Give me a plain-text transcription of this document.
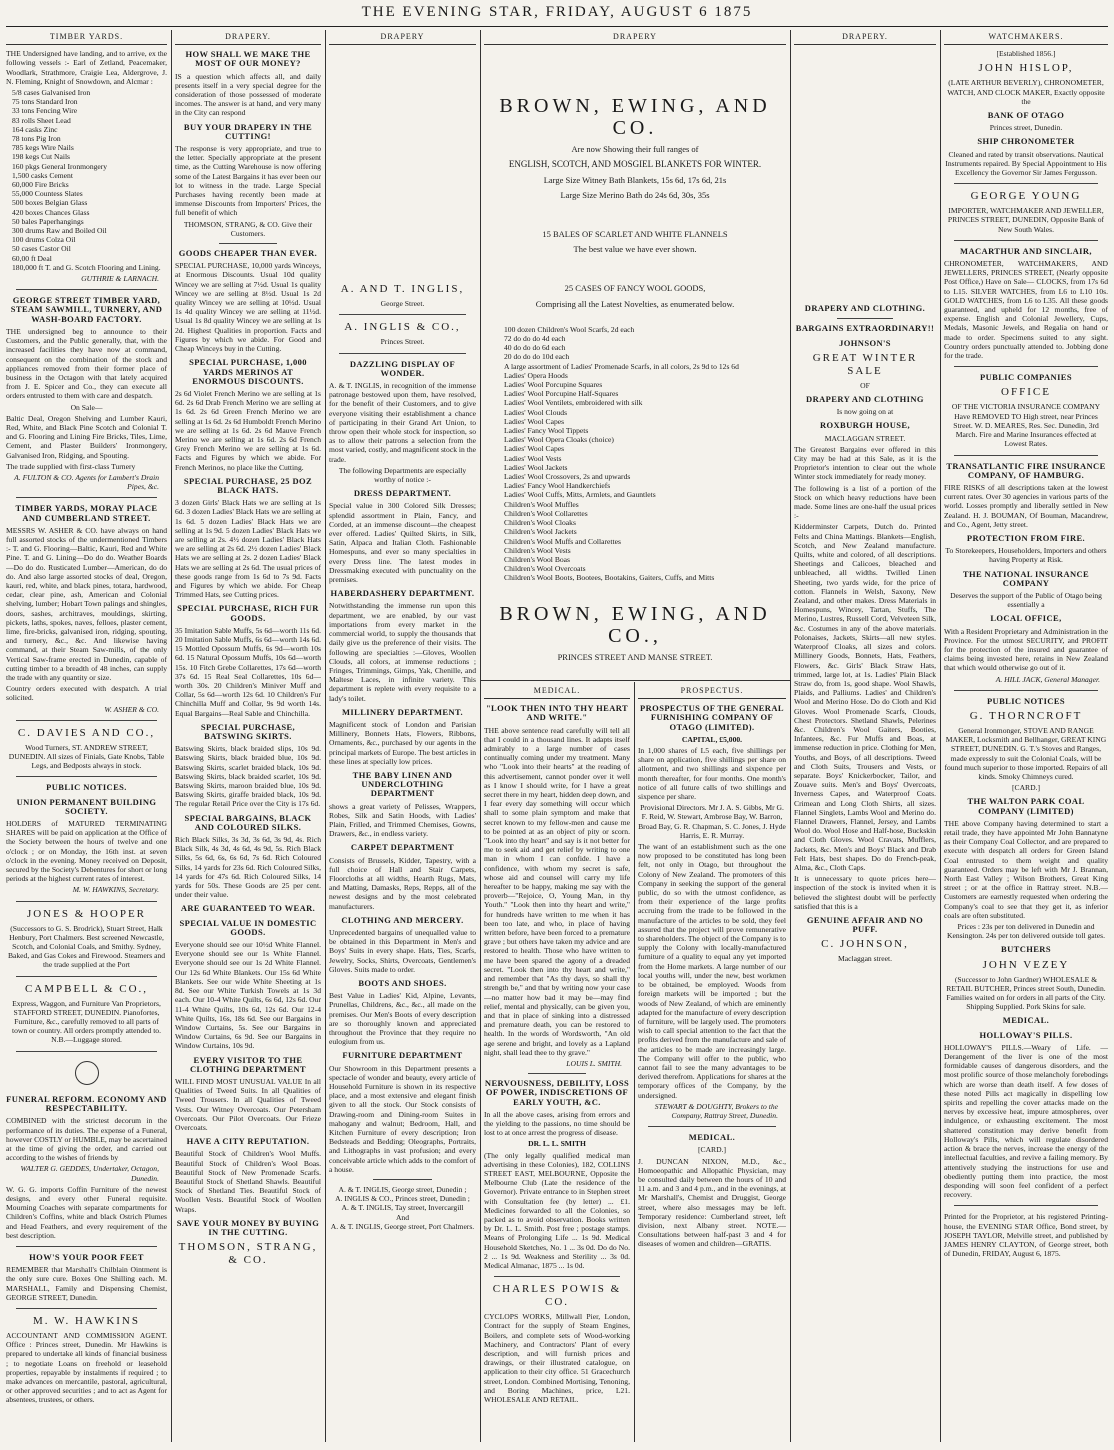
THE EVENING STAR, FRIDAY, AUGUST 6 1875
TIMBER YARDS.

THE Undersigned have landing, and to arrive, ex the following vessels :- Earl of Zetland, Peacemaker, Woodlark, Strathmore, Craigie Lea, Aldergrove, J. N. Fleming, Knight of Snowdown, and Alcmar :

5/8 cases Galvanised Iron
75 tons Standard Iron
33 tons Fencing Wire
83 rolls Sheet Lead
164 casks Zinc
78 tons Pig Iron
785 kegs Wire Nails
198 kegs Cut Nails
160 pkgs General Ironmongery
1,500 casks Cement
60,000 Fire Bricks
55,000 Countess Slates
500 boxes Belgian Glass
420 boxes Chances Glass
50 bales Paperhangings
300 drums Raw and Boiled Oil
100 drums Colza Oil
50 cases Castor Oil
60,00 ft Deal
180,000 ft T. and G. Scotch Flooring and Lining.
GUTHRIE & LARNACH.
GEORGE STREET TIMBER YARD, STEAM SAWMILL, TURNERY, AND WASH-BOARD FACTORY.

THE undersigned beg to announce to their Customers, and the Public generally, that, with the increased facilities they have now at command, consequent on the combination of the stock and appliances removed from their former place of business in the Octagon with that lately acquired from J. E. Spicer and Co., they can execute all orders entrusted to them with care and despatch.

On Sale—

Baltic Deal, Oregon Shelving and Lumber Kauri, Red, White, and Black Pine Scotch and Colonial T. and G. Flooring and Lining Fire Bricks, Tiles, Lime, Cement, and Plaster Builders' Ironmongery, Galvanised Iron, Ridging, and Spouting.

The trade supplied with first-class Turnery

A. FULTON & CO. Agents for Lambert's Drain Pipes, &c.
TIMBER YARDS, MORAY PLACE AND CUMBERLAND STREET.

MESSRS W. ASHER & CO. have always on hand full assorted stocks of the undermentioned Timbers :- T. and G. Flooring—Baltic, Kauri, Red and White Pine. T. and G. Lining—Do do do. Weather Boards—Do do do. Rusticated Lumber—American, do do do. And also large assorted stocks of deal, Oregon, kauri, red, white, and black pines, totara, hardwood, cedar, clear pine, ash, American and Colonial shelving, lumber; Hobart Town palings and shingles, doors, sashes, architraves, mouldings, skirting, pickets, laths, spokes, naves, felloes, plaster cement, lime, fire-bricks, galvanised iron, ridging, spouting, and turnery, &c., &c. And likewise having command, at their Steam Saw-mills, of the only Vertical Saw-frame erected in Dunedin, capable of cutting timber to a breadth of 48 inches, can supply the trade with any quantity or size.

Country orders executed with despatch. A trial solicited.

W. ASHER & CO.
C. DAVIES AND CO.,

Wood Turners, ST. ANDREW STREET, DUNEDIN. All sizes of Finials, Gate Knobs, Table Legs, and Bedposts always in stock.

PUBLIC NOTICES.
UNION PERMANENT BUILDING SOCIETY.

HOLDERS of MATURED TERMINATING SHARES will be paid on application at the Office of the Society between the hours of twelve and one o'clock ; or on Monday, the 16th inst. at seven o'clock in the evening. Money received on Deposit, secured by the Society's Debentures for short or long periods at the highest current rates of interest.

M. W. HAWKINS, Secretary.
JONES & HOOPER

(Successors to G. S. Brodrick), Stuart Street, Halk Henbury, Port Chalmers. Best screened Newcastle, Scotch, and Colonial Coals, and Smithy. Sydney, Baked, and Gas Cokes and Firewood. Steamers and the trade supplied at the Port

CAMPBELL & CO.,

Express, Waggon, and Furniture Van Proprietors, STAFFORD STREET, DUNEDIN. Pianofortes, Furniture, &c., carefully removed to all parts of town or country. All orders promptly attended to. N.B.—Luggage stored.

FUNERAL REFORM. ECONOMY AND RESPECTABILITY.

COMBINED with the strictest decorum in the performance of its duties. The expense of a Funeral, however COSTLY or HUMBLE, may be ascertained at the time of giving the order, and carried out according to the wishes of friends by

WALTER G. GEDDES, Undertaker, Octagon, Dunedin.

W. G. G. imports Coffin Furniture of the newest designs, and every other Funeral requisite. Mourning Coaches with separate compartments for Children's Coffins, white and black Ostrich Plumes and Head Feathers, and every requirement of the best description.

HOW'S YOUR POOR FEET

REMEMBER that Marshall's Chilblain Ointment is the only sure cure. Boxes One Shilling each. M. MARSHALL, Family and Dispensing Chemist, GEORGE STREET, Dunedin.

M. W. HAWKINS

ACCOUNTANT AND COMMISSION AGENT. Office : Princes street, Dunedin. Mr Hawkins is prepared to undertake all kinds of financial business ; to negotiate Loans on freehold or leasehold properties, repayable by instalments if required ; to make advances on mercantile, pastoral, agricultural, or other approved securities ; and to act as Agent for absentees, trustees, or others.

DRAPERY.
HOW SHALL WE MAKE THE MOST OF OUR MONEY?

IS a question which affects all, and daily presents itself in a very special degree for the consideration of those possessed of moderate incomes. The answer is at hand, and very many in the City can respond

BUY YOUR DRAPERY IN THE CUTTING!

The response is very appropriate, and true to the letter. Specially appropriate at the present time, as the Cutting Warehouse is now offering some of the Latest Bargains it has ever been our lot to witness in the trade. Large Special Purchases having recently been made at immense Discounts from Importers' Prices, the full benefit of which

THOMSON, STRANG, & CO. Give their Customers.
GOODS CHEAPER THAN EVER.

SPECIAL PURCHASE, 10,000 yards Winceys, at Enormous Discounts. Usual 10d quality Wincey we are selling at 7½d. Usual 1s quality Wincey we are selling at 8½d. Usual 1s 2d quality Wincey we are selling at 10½d. Usual 1s 4d quality Wincey we are selling at 11½d. Usual 1s 8d quality Wincey we are selling at 1s 2d. Highest Qualities in proportion. Facts and Figures by which we abide. For Good and Cheap Winceys buy in the Cutting.

SPECIAL PURCHASE, 1,000 YARDS MERINOS AT ENORMOUS DISCOUNTS.

2s 6d Violet French Merino we are selling at 1s 6d. 2s 6d Drab French Merino we are selling at 1s 6d. 2s 6d Green French Merino we are selling at 1s 6d. 2s 6d Humboldt French Merino we are selling at 1s 6d. 2s 6d Mauve French Merino we are selling at 1s 6d. 2s 6d French Grey French Merino we are selling at 1s 6d. Facts and Figures by which we abide. For French Merinos, no place like the Cutting.

SPECIAL PURCHASE, 25 DOZ BLACK HATS.

3 dozen Girls' Black Hats we are selling at 1s 6d. 3 dozen Ladies' Black Hats we are selling at 1s 6d. 5 dozen Ladies' Black Hats we are selling at 1s 9d. 5 dozen Ladies' Black Hats we are selling at 2s. 4½ dozen Ladies' Black Hats we are selling at 2s 6d. 2½ dozen Ladies' Black Hats we are selling at 2s. 2 dozen Ladies' Black Hats we are selling at 2s 6d. The usual prices of these goods range from 1s 6d to 7s 9d. Facts and Figures by which we abide. For Cheap Trimmed Hats, see Cutting prices.

SPECIAL PURCHASE, RICH FUR GOODS.

35 Imitation Sable Muffs, 5s 6d—worth 11s 6d. 20 Imitation Sable Muffs, 6s 6d—worth 14s 6d. 15 Mottled Opossum Muffs, 6s 9d—worth 10s 6d. 15 Natural Opossum Muffs, 10s 6d—worth 15s. 10 Fitch Grebe Collarettes, 17s 6d—worth 37s 6d. 15 Real Seal Collarettes, 10s 6d—worth 30s. 20 Children's Miniver Muff and Collar, 5s 6d—worth 12s 6d. 10 Children's Fur Chinchilla Muff and Collar, 9s 9d worth 14s. Equal Bargains—Real Sable and Chinchilla.

SPECIAL PURCHASE, BATSWING SKIRTS.

Batswing Skirts, black braided slips, 10s 9d. Batswing Skirts, black braided blue, 10s 9d. Batswing Skirts, scarlet braided black, 10s 9d. Batswing Skirts, black braided scarlet, 10s 9d. Batswing Skirts, maroon braided blue, 10s 9d. Batswing Skirts, giraffe braided black, 10s 9d. The regular Retail Price over the City is 17s 6d.

SPECIAL BARGAINS, BLACK AND COLOURED SILKS.

Rich Black Silks, 3s 3d, 3s 6d, 3s 9d, 4s. Rich Black Silk, 4s 3d, 4s 6d, 4s 9d, 5s. Rich Black Silks, 5s 6d, 6s, 6s 6d, 7s 6d. Rich Coloured Silks, 14 yards for 23s 6d. Rich Coloured Silks, 14 yards for 47s 6d. Rich Coloured Silks, 14 yards for 50s. These Goods are 25 per cent. under their value.

ARE GUARANTEED TO WEAR.
SPECIAL VALUE IN DOMESTIC GOODS.

Everyone should see our 10½d White Flannel. Everyone should see our 1s White Flannel. Everyone should see our 1s 2d White Flannel. Our 12s 6d White Blankets. Our 15s 6d White Blankets. See our wide White Sheeting at 1s 8d. See our White Turkish Towels at 1s 3d each. Our 10-4 White Quilts, 6s 6d, 12s 6d. Our 11-4 White Quilts, 10s 6d, 12s 6d. Our 12-4 White Quilts, 16s, 18s 6d. See our Bargains in Window Curtains, 5s. See our Bargains in Window Curtains, 6s 9d. See our Bargains in Window Curtains, 10s 9d.

EVERY VISITOR TO THE CLOTHING DEPARTMENT

WILL FIND MOST UNUSUAL VALUE In all Qualities of Tweed Suits. In all Qualities of Tweed Trousers. In all Qualities of Tweed Vests. Our Witney Overcoats. Our Petersham Overcoats. Our Pilot Overcoats. Our Frieze Overcoats.

HAVE A CITY REPUTATION.

Beautiful Stock of Children's Wool Muffs. Beautiful Stock of Children's Wool Boas. Beautiful Stock of New Promenade Scarfs. Beautiful Stock of Shetland Shawls. Beautiful Stock of Shetland Ties. Beautiful Stock of Woollen Vests. Beautiful Stock of Woollen Wraps.

SAVE YOUR MONEY BY BUYING IN THE CUTTING.
THOMSON, STRANG, & CO.
DRAPERY
A. AND T. INGLIS,
George Street.
A. INGLIS & CO.,
Princes Street.
DAZZLING DISPLAY OF WONDER.

A. & T. INGLIS, in recognition of the immense patronage bestowed upon them, have resolved, for the benefit of their Customers, and to give everyone visiting their establishment a chance of participating in their Grand Art Union, to throw open their whole stock for inspection, so as to allow their patrons a selection from the most varied, costly, and magnificent stock in the trade.

The following Departments are especially worthy of notice :-

DRESS DEPARTMENT.

Special value in 300 Colored Silk Dresses; splendid assortment in Plain, Fancy, and Corded, at an immense discount—the cheapest ever offered. Ladies' Quilted Skirts, in Silk, Satin, Alpaca and Italian Cloth. Fashionable Homespuns, and ever so many specialties in every Dress line. The latest modes in Dressmaking executed with punctuality on the premises.

HABERDASHERY DEPARTMENT.

Notwithstanding the immense run upon this department, we are enabled, by our vast importations from every market in the commercial world, to supply the thousands that daily give us the preference of their visits. The following are specialties :—Gloves, Woollen Clouds, all colors, at immense reductions ; Fringes, Trimmings, Gimps, Yak, Chenille, and Maltese Laces, in infinite variety. This department is replete with every requisite to a lady's toilet.

MILLINERY DEPARTMENT.

Magnificent stock of London and Parisian Millinery, Bonnets Hats, Flowers, Ribbons, Ornaments, &c., purchased by our agents in the principal markets of Europe. The best articles in these lines at specially low prices.

THE BABY LINEN AND UNDERCLOTHING DEPARTMENT

shows a great variety of Pelisses, Wrappers, Robes, Silk and Satin Hoods, with Ladies' Plain, Frilled, and Trimmed Chemises, Gowns, Drawers, &c., in endless variety.

CARPET DEPARTMENT

Consists of Brussels, Kidder, Tapestry, with a full choice of Hall and Stair Carpets, Floorcloths at all widths, Hearth Rugs, Mats, and Matting, Damasks, Reps, Repps, all of the newest designs and by the most celebrated manufacturers.

CLOTHING AND MERCERY.

Unprecedented bargains of unequalled value to be obtained in this Department in Men's and Boys' Suits in every shape. Hats, Ties, Scarfs, Jewelry, Socks, Shirts, Overcoats, Gentlemen's Gloves. Suits made to order.

BOOTS AND SHOES.

Best Value in Ladies' Kid, Alpine, Levants, Prunellas, Childrens, &c., &c., all made on the premises. Our Men's Boots of every description are so thoroughly known and appreciated throughout the Province that they require no eulogium from us.

FURNITURE DEPARTMENT

Our Showroom in this Department presents a spectacle of wonder and beauty, every article of Household Furniture is shown in its respective place, and a most extensive and elegant finish given to all the stock. Our Stock consists of Drawing-room and Dining-room Suites in mahogany and walnut; Bedroom, Hall, and Kitchen Furniture of every description; Iron Bedsteads and Bedding; Oleographs, Portraits, and Lithographs in vast profusion; and every conceivable article which adds to the comfort of a house.

A. & T. INGLIS, George street, Dunedin ;
A. INGLIS & CO., Princes street, Dunedin ;
A. & T. INGLIS, Tay street, Invercargill
And
A. & T. INGLIS, George street, Port Chalmers.
DRAPERY
BROWN, EWING, AND CO.
Are now Showing their full ranges of
ENGLISH, SCOTCH, AND MOSGIEL BLANKETS FOR WINTER.
Large Size Witney Bath Blankets, 15s 6d, 17s 6d, 21s
Large Size Merino Bath do 24s 6d, 30s, 35s
15 BALES OF SCARLET AND WHITE FLANNELS
The best value we have ever shown.
25 CASES OF FANCY WOOL GOODS,
Comprising all the Latest Novelties, as enumerated below.
100 dozen Children's Wool Scarfs, 2d each
72 do do do 4d each
40 do do do 6d each
20 do do do 10d each
A large assortment of Ladies' Promenade Scarfs, in all colors, 2s 9d to 12s 6d
Ladies' Opera Hoods
Ladies' Wool Porcupine Squares
Ladies' Wool Porcupine Half-Squares
Ladies' Wool Ventilets, embroidered with silk
Ladies' Wool Clouds
Ladies' Wool Capes
Ladies' Fancy Wool Tippets
Ladies' Wool Opera Cloaks (choice)
Ladies' Wool Capes
Ladies' Wool Vests
Ladies' Wool Jackets
Ladies' Wool Crossovers, 2s and upwards
Ladies' Fancy Wool Handkerchiefs
Ladies' Wool Cuffs, Mitts, Armlets, and Gauntlets
Children's Wool Muffles
Children's Wool Collarettes
Children's Wool Cloaks
Children's Wool Jackets
Children's Wool Muffs and Collarettes
Children's Wool Vests
Children's Wool Boas
Children's Wool Overcoats
Children's Wool Boots, Bootees, Bootakins, Gaiters, Cuffs, and Mitts
BROWN, EWING, AND CO.,
PRINCES STREET AND MANSE STREET.
MEDICAL.
"LOOK THEN INTO THY HEART AND WRITE."

THE above sentence read carefully will tell all that I could in a thousand lines. It adapts itself admirably to a large number of cases continually coming under my treatment. Many who "Look into their hearts" at the reading of this advertisement, cannot ponder over it well as I know I should write, for I have a great secret there in my heart, hidden deep down, and I fear every day something will occur which shall to some plain symptom and make that secret known to my fellow-men and cause me to be pointed at as an object of pity or scorn. "Look into thy heart" and say is it not better for me to seek aid and get relief by writing to one man in whom I can confide. I have a confidence, with whom my secret is safe, whose aid and counsel will carry my life hereafter to be happy, making me say with the proverb—"Rejoice, O, Young Man, in thy Youth." "Look then into thy heart and write," for hundreds have written to me when it has been too late, and who, in place of having written before, have been forced to a premature grave ; but others have taken my advice and are restored to health. Those who have written to me have been spared the agony of a dreaded secret. "Look then into thy heart and write," and remember that "As thy days, so shall thy strength be," and that by writing now your case—no matter how bad it may be—may find relief, mental and physically, can be given you, and that in place of sinking into a distressed and premature death, you can be restored to health. In the words of Wordsworth, "An old age serene and bright, and lovely as a Lapland night, shall lead thee to thy grave."

LOUIS L. SMITH.
NERVOUSNESS, DEBILITY, LOSS OF POWER, INDISCRETIONS OF EARLY YOUTH, &C.

In all the above cases, arising from errors and the yielding to the passions, no time should be lost to at once arrest the progress of disease.

DR. L. L. SMITH

(The only legally qualified medical man advertising in these Colonies), 182, COLLINS STREET EAST, MELBOURNE, Opposite the Melbourne Club (Late the residence of the Governor). Private entrance to in Stephen street with Consultation fee (by letter) ... £1. Medicines forwarded to all the Colonies, so packed as to avoid observation. Books written by Dr. L. L. Smith. Post free ; postage stamps. Means of Prolonging Life ... 1s 9d. Medical Household Sketches, No. 1 ... 3s 0d. Do do No. 2 ... 1s 9d. Weakness and Sterility ... 3s 0d. Medical Almanac, 1875 ... 1s 0d.

CHARLES POWIS & CO.

CYCLOPS WORKS, Millwall Pier, London, Contract for the supply of Steam Engines, Boilers, and complete sets of Wood-working Machinery, and Contractors' Plant of every description, and will furnish prices and drawings, or their illustrated catalogue, on application to their city office. 51 Gracechurch street, London. Combined Mortising, Tenoning, and Boring Machines, price, L21. WHOLESALE AND RETAIL.

PROSPECTUS.
PROSPECTUS OF THE GENERAL FURNISHING COMPANY OF OTAGO (LIMITED).
CAPITAL, £5,000.

In 1,000 shares of L5 each, five shillings per share on application, five shillings per share on allotment, and two shillings and sixpence per month thereafter, for four months. One month's notice of all future calls of two shillings and sixpence per share.

Provisional Directors. Mr J. A. S. Gibbs, Mr G. F. Reid, W. Stewart, Ambrose Bay, W. Barron, Broad Bay, G. R. Chapman, S. C. Jones, J. Hyde Harris, E. R. Murray.

The want of an establishment such as the one now proposed to be constituted has long been felt, not only in Otago, but throughout the Colony of New Zealand. The promoters of this Company in seeking the support of the general public, do so with the utmost confidence, as from their experience of the large profits accruing from the trade to be followed in the manufacture of the articles to be sold, they feel assured that the project will prove remunerative to shareholders. The object of the Company is to supply the Colony with locally-manufactured furniture of a quality to equal any yet imported from the Home markets. A large number of our local youths will, under the new, best workmen to be obtained, be employed. Woods from foreign markets will be imported ; but the woods of New Zealand, of which are eminently adapted for the manufacture of every description of furniture, will be largely used. The promoters wish to call special attention to the fact that the profits derived from the manufacture and sale of the articles to be made are increasingly large. The Company will offer to the public, who cannot fail to see the many advantages to be derived therefrom. Applications for shares at the temporary offices of the Company, by the undersigned.

STEWART & DOUGHTY, Brokers to the Company, Rattray Street, Dunedin.
MEDICAL.
[CARD.]

J. DUNCAN NIXON, M.D., &c., Homoeopathic and Allopathic Physician, may be consulted daily between the hours of 10 and 11 a.m. and 3 and 4 p.m., and in the evenings, at Mr Marshall's, Chemist and Druggist, George street, where also messages may be left. Temporary residence: Cumberland street, left division, next Albany street. NOTE.—Consultations between half-past 3 and 4 for diseases of women and children—GRATIS.

DRAPERY.
DRAPERY AND CLOTHING.
BARGAINS EXTRAORDINARY!!
JOHNSON'S
GREAT WINTER SALE
OF
DRAPERY AND CLOTHING
Is now going on at
ROXBURGH HOUSE,
MACLAGGAN STREET.

The Greatest Bargains ever offered in this City may be had at this Sale, as it is the Proprietor's intention to clear out the whole Winter stock immediately for ready money.

The following is a list of a portion of the Stock on which heavy reductions have been made. Some lines are one-half the usual prices :-

Kidderminster Carpets, Dutch do. Printed Felts and China Mattings. Blankets—English, Scotch, and New Zealand manufacture. Quilts, white and colored, of all descriptions. Sheetings and Calicoes, bleached and unbleached, all widths. Twilled Linen Sheeting, two yards wide, for the price of cotton. Flannels in Welsh, Saxony, New Zealand, and other makes. Dress Materials in Homespuns, Wincey, Tartan, Stuffs, The Merino, Lustres, Russell Cord, Velveteen Silk, &c. Costumes in any of the above materials. Polonaises, Jackets, Skirts—all new styles. Waterproof Cloaks, all sizes and colors. Millinery Goods, Bonnets, Hats, Feathers, Flowers, &c. Girls' Black Straw Hats, trimmed, large lot, at 1s. Ladies' Plain Black Straw do, from 1s, good shape. Wool Shawls, Plaids, and Palliums. Ladies' and Children's Wool and Merino Hose. Do do Cloth and Kid Gloves. Wool Promenade Scarfs, Clouds, Chest Protectors. Shetland Shawls, Pelerines &c. Children's Wool Gaiters, Booties, Infantees, &c. Fur Muffs and Boas, at immense reduction in price. Clothing for Men, Youths, and Boys, of all descriptions. Tweed and Cloth Suits, Trousers and Vests, or separate. Boys' Knickerbocker, Tailor, and Zouave suits. Men's and Boys' Overcoats, Inverness Capes, and Waterproof Coats. Crimean and Long Cloth Shirts, all sizes. Flannel Singlets, Lambs Wool and Merino do. Flannel Drawers, Flannel, Jersey, and Lambs Wool do. Wool Hose and Half-hose, Buckskin and Cloth Gloves. Wool Cravats, Mufflers, Jackets, &c. Men's and Boys' Black and Drab Felt Hats, best shapes. Do do French-peak, Alma, &c., Cloth Caps.

It is unnecessary to quote prices here—inspection of the stock is invited when it is believed the slightest doubt will be perfectly satisfied that this is a

GENUINE AFFAIR AND NO PUFF.
C. JOHNSON,
Maclaggan street.
WATCHMAKERS.
[Established 1856.]
JOHN HISLOP,

(LATE ARTHUR BEVERLY), CHRONOMETER, WATCH, AND CLOCK MAKER, Exactly opposite the

BANK OF OTAGO
Princes street, Dunedin.
SHIP CHRONOMETER

Cleaned and rated by transit observations. Nautical Instruments repaired. By Special Appointment to His Excellency the Governor Sir James Fergusson.

GEORGE YOUNG

IMPORTER, WATCHMAKER AND JEWELLER, PRINCES STREET, DUNEDIN, Opposite Bank of New South Wales.

MACARTHUR AND SINCLAIR,

CHRONOMETER, WATCHMAKERS, AND JEWELLERS, PRINCES STREET, (Nearly opposite Post Office,) Have on Sale— CLOCKS, from 17s 6d to L15. SILVER WATCHES, from L6 to L10 10s. GOLD WATCHES, from L6 to L35. All these goods guaranteed, and upheld for 12 months, free of expense. English and Colonial Jewellery, Cups, Medals, Masonic Jewels, and Regalia on hand or made to order. Specimens suited to any sight. Country orders punctually attended to. Jobbing done for the trade.

PUBLIC COMPANIES
OFFICE

OF THE VICTORIA INSURANCE COMPANY Have REMOVED TO High street, near Princes Street. W. D. MEARES, Res. Sec. Dunedin, 3rd March. Fire and Marine Insurances effected at Lowest Rates.

TRANSATLANTIC FIRE INSURANCE COMPANY, OF HAMBURG.

FIRE RISKS of all descriptions taken at the lowest current rates. Over 30 agencies in various parts of the world. Losses promptly and liberally settled in New Zealand. H. J. BOUMAN, Of Bouman, Macandrew, and Co., Agent, Jetty street.

PROTECTION FROM FIRE.

To Storekeepers, Householders, Importers and others having Property at Risk.

THE NATIONAL INSURANCE COMPANY

Deserves the support of the Public of Otago being essentially a

LOCAL OFFICE,

With a Resident Proprietary and Administration in the Province. For the utmost SECURITY, and PROFIT for the protection of the insured and guarantee of claims being invested here, retains in New Zealand that which would otherwise go out of it.

A. HILL JACK, General Manager.
PUBLIC NOTICES
G. THORNCROFT

General Ironmonger, STOVE AND RANGE MAKER, Locksmith and Bellhanger, GREAT KING STREET, DUNEDIN. G. T.'s Stoves and Ranges, made expressly to suit the Colonial Coals, will be found much superior to those imported. Repairs of all kinds. Smoky Chimneys cured.

[CARD.]
THE WALTON PARK COAL COMPANY (LIMITED)

THE above Company having determined to start a retail trade, they have appointed Mr John Bannatyne as their Company Coal Collector, and are prepared to execute with despatch all orders for Green Island Coal entrusted to them weight and quality guaranteed. Orders may be left with Mr J. Brannan, North East Valley ; Wilson Brothers, Great King street ; or at the office in Rattray street. N.B.—Customers are earnestly requested when ordering the Company's coal to see that they get it, as inferior coals are often substituted.

Prices : 23s per ton delivered in Dunedin and Kensington. 24s per ton delivered outside toll gates.

BUTCHERS
JOHN VEZEY

(Successor to John Gardner) WHOLESALE & RETAIL BUTCHER, Princes street South, Dunedin. Families waited on for orders in all parts of the City. Shipping Supplied. Pork Skins for sale.

MEDICAL.
HOLLOWAY'S PILLS.

HOLLOWAY'S PILLS.—Weary of Life. — Derangement of the liver is one of the most formidable causes of dangerous disorders, and the most prolific source of those melancholy forebodings which are worse than death itself. A few doses of these noted Pills act magically in dispelling low spirits and repelling the cover attacks made on the nerves by excessive heat, impure atmospheres, over indulgence, or exhausting excitement. The most shattered constitution may derive benefit from Holloway's Pills, which will regulate disordered action & brace the nerves, increase the energy of the intellectual faculties, and revive a failing memory. By attentively studying the instructions for use and obediently putting them into practice, the most desponding will soon feel confident of a perfect recovery.

Printed for the Proprietor, at his registered Printing-house, the EVENING STAR Office, Bond street, by JOSEPH TAYLOR, Melville street, and published by JAMES HENRY CLAYTON, of George street, both of Dunedin, FRIDAY, August 6, 1875.
